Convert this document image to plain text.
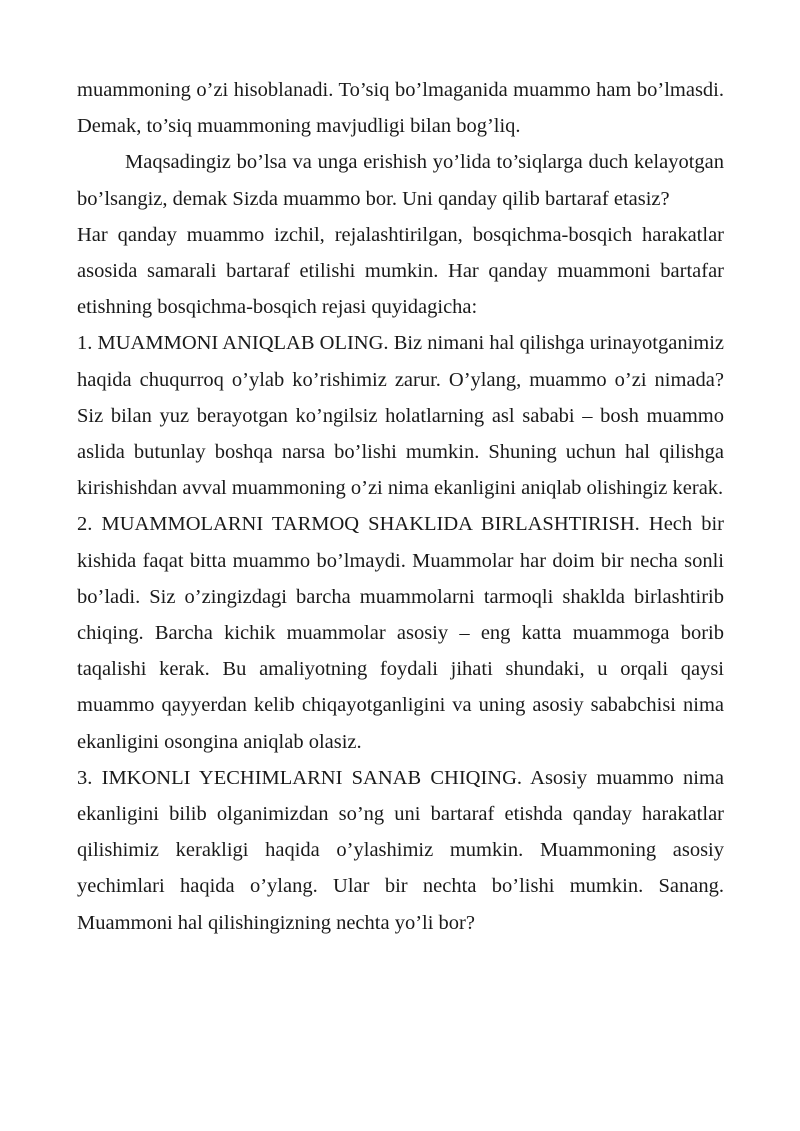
muammoning o’zi hisoblanadi. To’siq bo’lmaganida muammo ham bo’lmasdi. Demak, to’siq muammoning mavjudligi bilan bog’liq.

Maqsadingiz bo’lsa va unga erishish yo’lida to’siqlarga duch kelayotgan bo’lsangiz, demak Sizda muammo bor. Uni qanday qilib bartaraf etasiz?

Har qanday muammo izchil, rejalashtirilgan, bosqichma-bosqich harakatlar asosida samarali bartaraf etilishi mumkin. Har qanday muammoni bartafar etishning bosqichma-bosqich rejasi quyidagicha:

1. MUAMMONI ANIQLAB OLING. Biz nimani hal qilishga urinayotganimiz haqida chuqurroq o’ylab ko’rishimiz zarur. O’ylang, muammo o’zi nimada? Siz bilan yuz berayotgan ko’ngilsiz holatlarning asl sababi – bosh muammo aslida butunlay boshqa narsa bo’lishi mumkin. Shuning uchun hal qilishga kirishishdan avval muammoning o’zi nima ekanligini aniqlab olishingiz kerak.

2. MUAMMOLARNI TARMOQ SHAKLIDA BIRLASHTIRISH. Hech bir kishida faqat bitta muammo bo’lmaydi. Muammolar har doim bir necha sonli bo’ladi. Siz o’zingizdagi barcha muammolarni tarmoqli shaklda birlashtirib chiqing. Barcha kichik muammolar asosiy – eng katta muammoga borib taqalishi kerak. Bu amaliyotning foydali jihati shundaki, u orqali qaysi muammo qayyerdan kelib chiqayotganligini va uning asosiy sababchisi nima ekanligini osongina aniqlab olasiz.

3. IMKONLI YECHIMLARNI SANAB CHIQING. Asosiy muammo nima ekanligini bilib olganimizdan so’ng uni bartaraf etishda qanday harakatlar qilishimiz kerakligi haqida o’ylashimiz mumkin. Muammoning asosiy yechimlari haqida o’ylang. Ular bir nechta bo’lishi mumkin. Sanang. Muammoni hal qilishingizning nechta yo’li bor?
